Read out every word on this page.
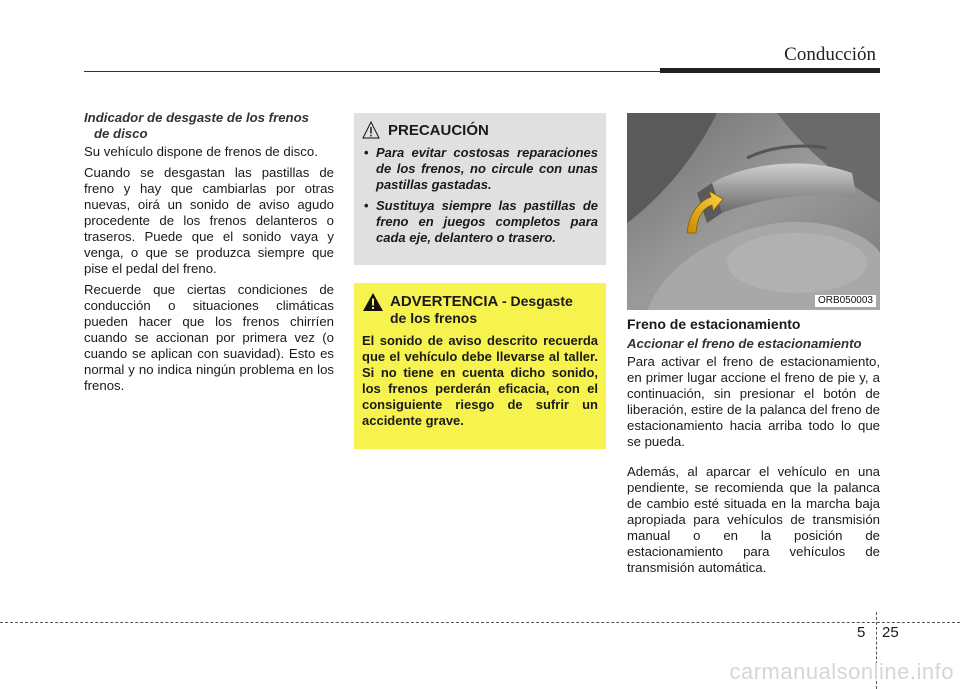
Conducción
Indicador de desgaste de los frenos
de disco

Su vehículo dispone de frenos de disco.

Cuando se desgastan las pastillas de freno y hay que cambiarlas por otras nuevas, oirá un sonido de aviso agudo procedente de los frenos delanteros o traseros. Puede que el sonido vaya y venga, o que se produzca siempre que pise el pedal del freno.

Recuerde que ciertas condiciones de conducción o situaciones climáticas pueden hacer que los frenos chirríen cuando se accionan por primera vez (o cuando se aplican con suavidad). Esto es normal y no indica ningún problema en los frenos.

PRECAUCIÓN
• Para evitar costosas reparaciones de los frenos, no circule con unas pastillas gastadas.
• Sustituya siempre las pastillas de freno en juegos completos para cada eje, delantero o trasero.
ADVERTENCIA - Desgaste
de los frenos
El sonido de aviso descrito recuerda que el vehículo debe llevarse al taller. Si no tiene en cuenta dicho sonido, los frenos perderán eficacia, con el consiguiente riesgo de sufrir un accidente grave.
ORB050003
Freno de estacionamiento
Accionar el freno de estacionamiento

Para activar el freno de estacionamiento, en primer lugar accione el freno de pie y, a continuación, sin presionar el botón de liberación, estire de la palanca del freno de estacionamiento hacia arriba todo lo que se pueda.

Además, al aparcar el vehículo en una pendiente, se recomienda que la palanca de cambio esté situada en la marcha baja apropiada para vehículos de transmisión manual o en la posición de estacionamiento para vehículos de transmisión automática.

5 25
carmanualsonline.info
